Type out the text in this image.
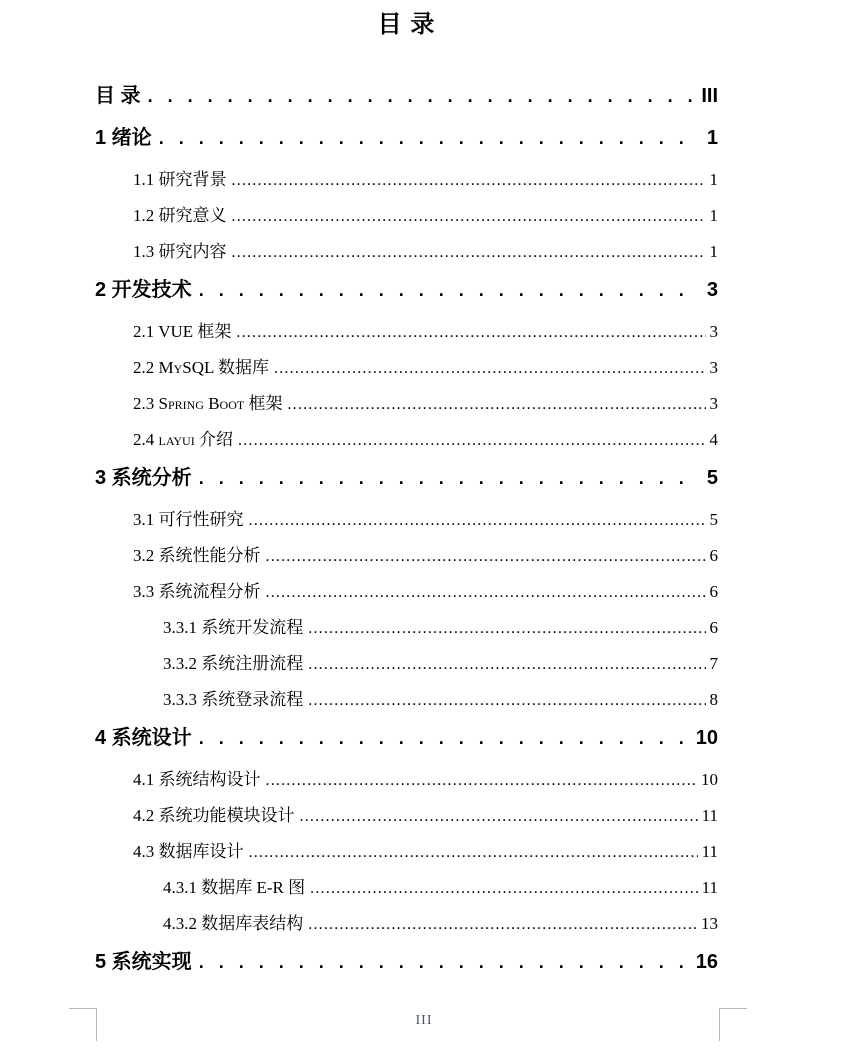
目 录
目 录 . . .	III
1 绪论 . . .	1
1.1 研究背景 .....	1
1.2 研究意义 .....	1
1.3 研究内容 .....	1
2 开发技术 . . .	3
2.1 VUE 框架 .....	3
2.2 MySQL 数据库 .....	3
2.3 Spring Boot 框架 .....	3
2.4 layui 介绍 .....	4
3 系统分析 . . .	5
3.1 可行性研究 .....	5
3.2 系统性能分析 .....	6
3.3 系统流程分析 .....	6
3.3.1 系统开发流程 .....	6
3.3.2 系统注册流程 .....	7
3.3.3 系统登录流程 .....	8
4 系统设计 . . .	10
4.1 系统结构设计 .....	10
4.2 系统功能模块设计 .....	11
4.3 数据库设计 .....	11
4.3.1 数据库 E-R 图 .....	11
4.3.2 数据库表结构 .....	13
5 系统实现 . . .	16
III
